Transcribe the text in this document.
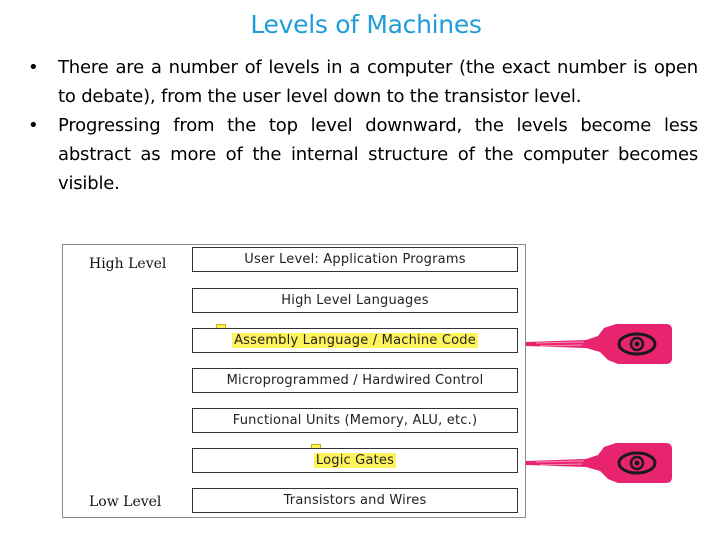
Levels of Machines
• There are a number of levels in a computer (the exact number is open to debate), from the user level down to the transistor level.
• Progressing from the top level downward, the levels become less abstract as more of the internal structure of the computer becomes visible.
High Level
Low Level
User Level: Application Programs
High Level Languages
Assembly Language / Machine Code
Microprogrammed / Hardwired Control
Functional Units (Memory, ALU, etc.)
Logic Gates
Transistors and Wires
